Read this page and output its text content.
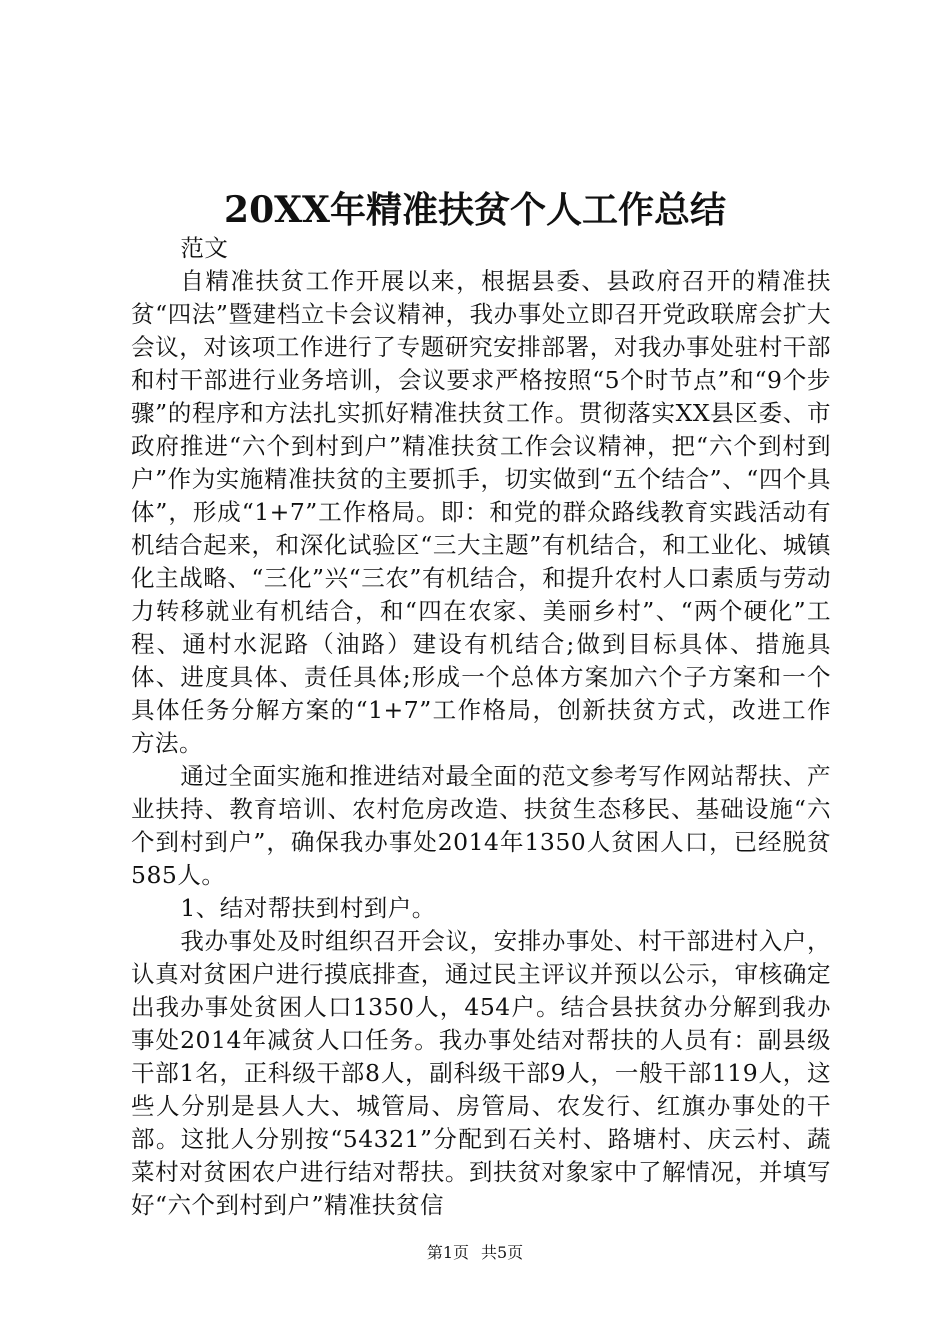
20XX年精准扶贫个人工作总结

范文

自精准扶贫工作开展以来，根据县委、县政府召开的精准扶贫“四法”暨建档立卡会议精神，我办事处立即召开党政联席会扩大会议，对该项工作进行了专题研究安排部署，对我办事处驻村干部和村干部进行业务培训，会议要求严格按照“5个时节点”和“9个步骤”的程序和方法扎实抓好精准扶贫工作。贯彻落实XX县区委、市政府推进“六个到村到户”精准扶贫工作会议精神，把“六个到村到户”作为实施精准扶贫的主要抓手，切实做到“五个结合”、“四个具体”，形成“1+7”工作格局。即：和党的群众路线教育实践活动有机结合起来，和深化试验区“三大主题”有机结合，和工业化、城镇化主战略、“三化”兴“三农”有机结合，和提升农村人口素质与劳动力转移就业有机结合，和“四在农家、美丽乡村”、“两个硬化”工程、通村水泥路（油路）建设有机结合;做到目标具体、措施具体、进度具体、责任具体;形成一个总体方案加六个子方案和一个具体任务分解方案的“1+7”工作格局，创新扶贫方式，改进工作方法。

通过全面实施和推进结对最全面的范文参考写作网站帮扶、产业扶持、教育培训、农村危房改造、扶贫生态移民、基础设施“六个到村到户”，确保我办事处2014年1350人贫困人口，已经脱贫585人。

1、结对帮扶到村到户。

我办事处及时组织召开会议，安排办事处、村干部进村入户，认真对贫困户进行摸底排查，通过民主评议并预以公示，审核确定出我办事处贫困人口1350人，454户。结合县扶贫办分解到我办事处2014年减贫人口任务。我办事处结对帮扶的人员有：副县级干部1名，正科级干部8人，副科级干部9人，一般干部119人，这些人分别是县人大、城管局、房管局、农发行、红旗办事处的干部。这批人分别按“54321”分配到石关村、路塘村、庆云村、蔬菜村对贫困农户进行结对帮扶。到扶贫对象家中了解情况，并填写好“六个到村到户”精准扶贫信

第1页 共5页
